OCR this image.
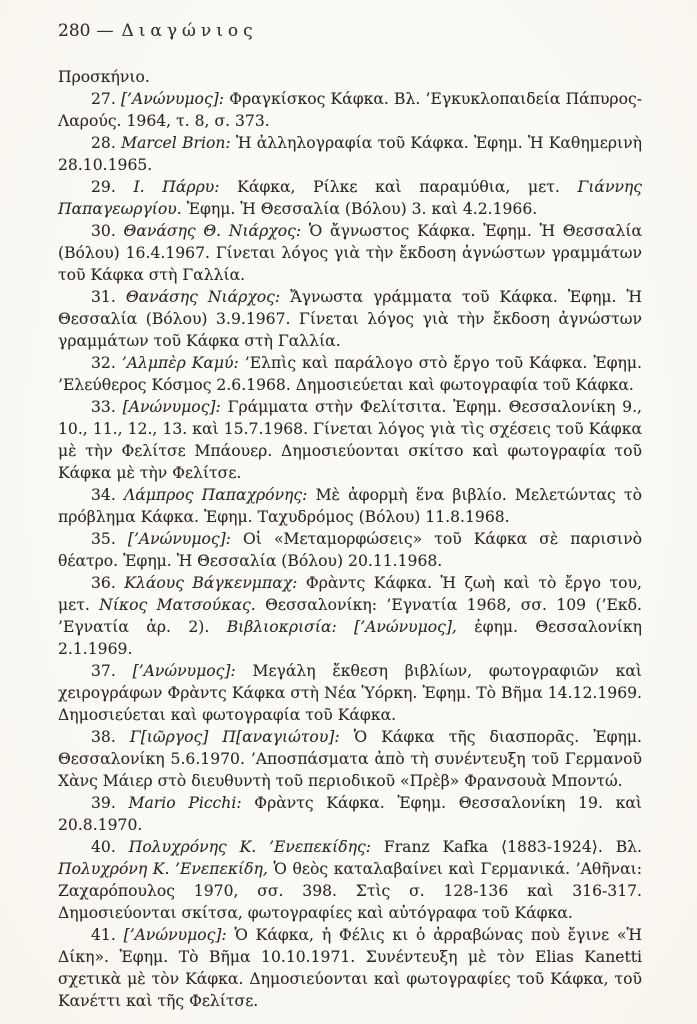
280 — Διαγώνιος

Προσκήνιο.

27. [’Ανώνυμος]: Φραγκίσκος Κάφκα. Βλ. ’Εγκυκλοπαιδεία Πάπυρος-Λαρούς. 1964, τ. 8, σ. 373.

28. Marcel Brion: Ἡ ἀλληλογραφία τοῦ Κάφκα. Ἐφημ. Ἡ Καθημερινὴ 28.10.1965.

29. Ι. Πάρρυ: Κάφκα, Ρίλκε καὶ παραμύθια, μετ. Γιάννης Παπαγεωργίου. Ἐφημ. Ἡ Θεσσαλία (Βόλου) 3. καὶ 4.2.1966.

30. Θανάσης Θ. Νιάρχος: Ὁ ἄγνωστος Κάφκα. Ἐφημ. Ἡ Θεσσαλία (Βόλου) 16.4.1967. Γίνεται λόγος γιὰ τὴν ἔκδοση ἀγνώστων γραμμάτων τοῦ Κάφκα στὴ Γαλλία.

31. Θανάσης Νιάρχος: Ἄγνωστα γράμματα τοῦ Κάφκα. Ἐφημ. Ἡ Θεσσαλία (Βόλου) 3.9.1967. Γίνεται λόγος γιὰ τὴν ἔκδοση ἀγνώστων γραμμάτων τοῦ Κάφκα στὴ Γαλλία.

32. ’Αλμπὲρ Καμύ: ’Ελπὶς καὶ παράλογο στὸ ἔργο τοῦ Κάφκα. Ἐφημ. ’Ελεύθερος Κόσμος 2.6.1968. Δημοσιεύεται καὶ φωτογραφία τοῦ Κάφκα.

33. [Ανώνυμος]: Γράμματα στὴν Φελίτσιτα. Ἐφημ. Θεσσαλονίκη 9., 10., 11., 12., 13. καὶ 15.7.1968. Γίνεται λόγος γιὰ τὶς σχέσεις τοῦ Κάφκα μὲ τὴν Φελίτσε Μπάουερ. Δημοσιεύονται σκίτσο καὶ φωτογραφία τοῦ Κάφκα μὲ τὴν Φελίτσε.

34. Λάμπρος Παπαχρόνης: Μὲ ἀφορμὴ ἕνα βιβλίο. Μελετώντας τὸ πρόβλημα Κάφκα. Ἐφημ. Ταχυδρόμος (Βόλου) 11.8.1968.

35. [’Ανώνυμος]: Οἱ «Μεταμορφώσεις» τοῦ Κάφκα σὲ παρισινὸ θέατρο. Ἐφημ. Ἡ Θεσσαλία (Βόλου) 20.11.1968.

36. Κλάους Βάγκενμπαχ: Φρὰντς Κάφκα. Ἡ ζωὴ καὶ τὸ ἔργο του, μετ. Νίκος Ματσούκας. Θεσσαλονίκη: ’Εγνατία 1968, σσ. 109 (’Εκδ. ’Εγνατία ἀρ. 2). Βιβλιοκρισία: [’Ανώνυμος], ἐφημ. Θεσσαλονίκη 2.1.1969.

37. [’Ανώνυμος]: Μεγάλη ἔκθεση βιβλίων, φωτογραφιῶν καὶ χειρογράφων Φρὰντς Κάφκα στὴ Νέα Ὑόρκη. Ἐφημ. Τὸ Βῆμα 14.12.1969. Δημοσιεύεται καὶ φωτογραφία τοῦ Κάφκα.

38. Γ[ιῶργος] Π[αναγιώτου]: Ὁ Κάφκα τῆς διασπορᾶς. Ἐφημ. Θεσσαλονίκη 5.6.1970. ’Αποσπάσματα ἀπὸ τὴ συνέντευξη τοῦ Γερμανοῦ Χὰνς Μάιερ στὸ διευθυντὴ τοῦ περιοδικοῦ «Πρὲβ» Φρανσουὰ Μποντώ.

39. Mario Picchi: Φρὰντς Κάφκα. Ἐφημ. Θεσσαλονίκη 19. καὶ 20.8.1970.

40. Πολυχρόνης Κ. ’Ενεπεκίδης: Franz Kafka ⟨1883-1924⟩. Βλ. Πολυχρόνη Κ. ’Ενεπεκίδη, Ὁ θεὸς καταλαβαίνει καὶ Γερμανικά. ’Αθῆναι: Ζαχαρόπουλος 1970, σσ. 398. Στὶς σ. 128-136 καὶ 316-317. Δημοσιεύονται σκίτσα, φωτογραφίες καὶ αὐτόγραφα τοῦ Κάφκα.

41. [’Ανώνυμος]: Ὁ Κάφκα, ἡ Φέλις κι ὁ ἀρραβώνας ποὺ ἔγινε «Ἡ Δίκη». Ἐφημ. Τὸ Βῆμα 10.10.1971. Συνέντευξη μὲ τὸν Elias Kanetti σχετικὰ μὲ τὸν Κάφκα. Δημοσιεύονται καὶ φωτογραφίες τοῦ Κάφκα, τοῦ Κανέττι καὶ τῆς Φελίτσε.
